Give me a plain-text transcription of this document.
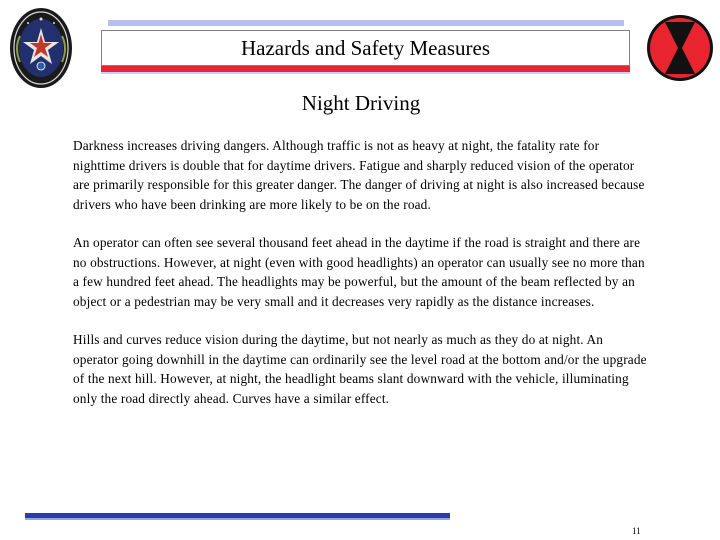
Hazards and Safety Measures
Night Driving

Darkness increases driving dangers. Although traffic is not as heavy at night, the fatality rate for nighttime drivers is double that for daytime drivers. Fatigue and sharply reduced vision of the operator are primarily responsible for this greater danger. The danger of driving at night is also increased because drivers who have been drinking are more likely to be on the road.

An operator can often see several thousand feet ahead in the daytime if the road is straight and there are no obstructions. However, at night (even with good headlights) an operator can usually see no more than a few hundred feet ahead. The headlights may be powerful, but the amount of the beam reflected by an object or a pedestrian may be very small and it decreases very rapidly as the distance increases.

Hills and curves reduce vision during the daytime, but not nearly as much as they do at night. An operator going downhill in the daytime can ordinarily see the level road at the bottom and/or the upgrade of the next hill. However, at night, the headlight beams slant downward with the vehicle, illuminating only the road directly ahead. Curves have a similar effect.

11
